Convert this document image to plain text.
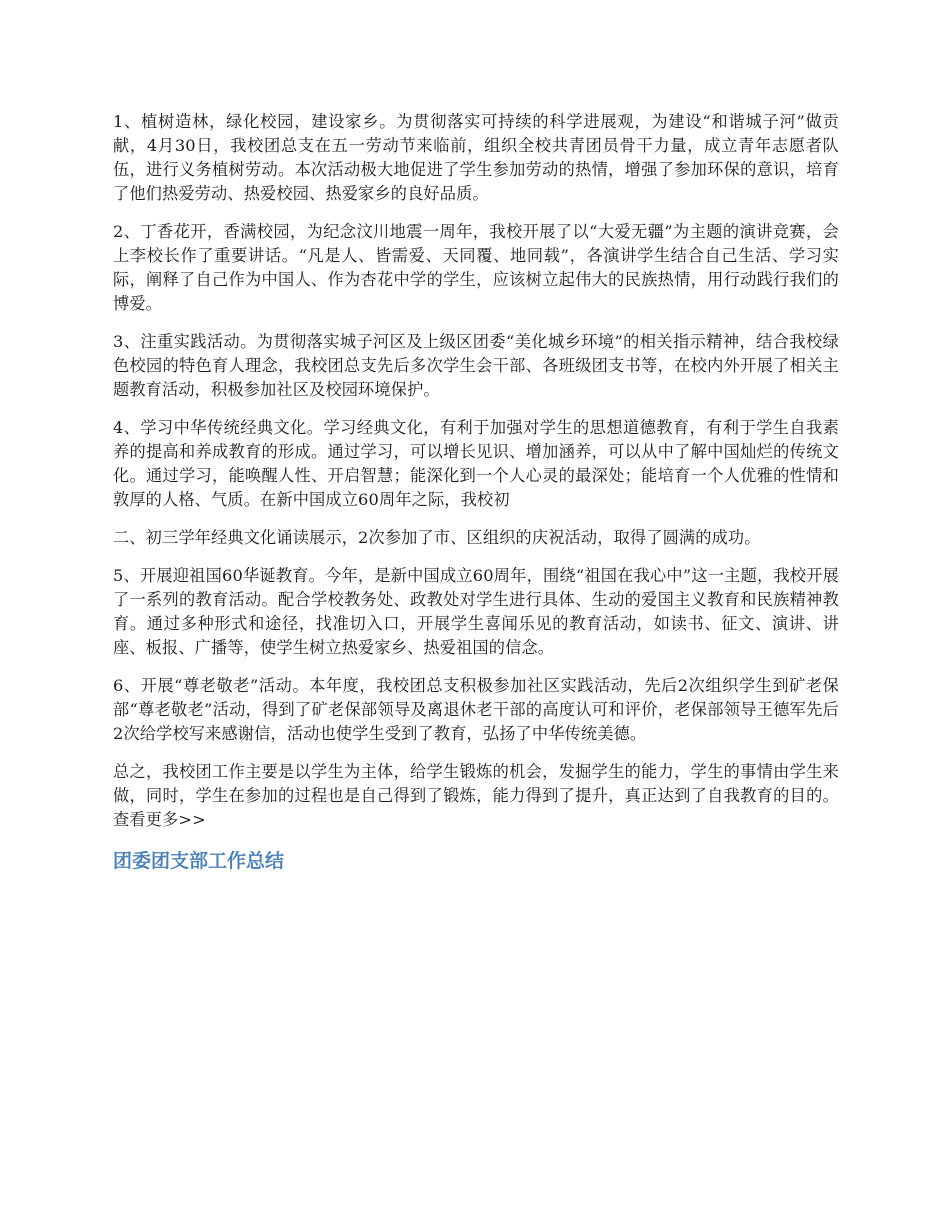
1、植树造林，绿化校园，建设家乡。为贯彻落实可持续的科学进展观，为建设“和谐城子河”做贡献，4月30日，我校团总支在五一劳动节来临前，组织全校共青团员骨干力量，成立青年志愿者队伍，进行义务植树劳动。本次活动极大地促进了学生参加劳动的热情，增强了参加环保的意识，培育了他们热爱劳动、热爱校园、热爱家乡的良好品质。

2、丁香花开，香满校园，为纪念汶川地震一周年，我校开展了以“大爱无疆”为主题的演讲竞赛，会上李校长作了重要讲话。“凡是人、皆需爱、天同覆、地同载”，各演讲学生结合自己生活、学习实际，阐释了自己作为中国人、作为杏花中学的学生，应该树立起伟大的民族热情，用行动践行我们的博爱。

3、注重实践活动。为贯彻落实城子河区及上级区团委“美化城乡环境”的相关指示精神，结合我校绿色校园的特色育人理念，我校团总支先后多次学生会干部、各班级团支书等，在校内外开展了相关主题教育活动，积极参加社区及校园环境保护。

4、学习中华传统经典文化。学习经典文化，有利于加强对学生的思想道德教育，有利于学生自我素养的提高和养成教育的形成。通过学习，可以增长见识、增加涵养，可以从中了解中国灿烂的传统文化。通过学习，能唤醒人性、开启智慧；能深化到一个人心灵的最深处；能培育一个人优雅的性情和敦厚的人格、气质。在新中国成立60周年之际，我校初

二、初三学年经典文化诵读展示，2次参加了市、区组织的庆祝活动，取得了圆满的成功。

5、开展迎祖国60华诞教育。今年，是新中国成立60周年，围绕“祖国在我心中”这一主题，我校开展了一系列的教育活动。配合学校教务处、政教处对学生进行具体、生动的爱国主义教育和民族精神教育。通过多种形式和途径，找准切入口，开展学生喜闻乐见的教育活动，如读书、征文、演讲、讲座、板报、广播等，使学生树立热爱家乡、热爱祖国的信念。

6、开展“尊老敬老”活动。本年度，我校团总支积极参加社区实践活动，先后2次组织学生到矿老保部“尊老敬老”活动，得到了矿老保部领导及离退休老干部的高度认可和评价，老保部领导王德军先后2次给学校写来感谢信，活动也使学生受到了教育，弘扬了中华传统美德。

总之，我校团工作主要是以学生为主体，给学生锻炼的机会，发掘学生的能力，学生的事情由学生来做，同时，学生在参加的过程也是自己得到了锻炼，能力得到了提升，真正达到了自我教育的目的。查看更多>>

团委团支部工作总结
